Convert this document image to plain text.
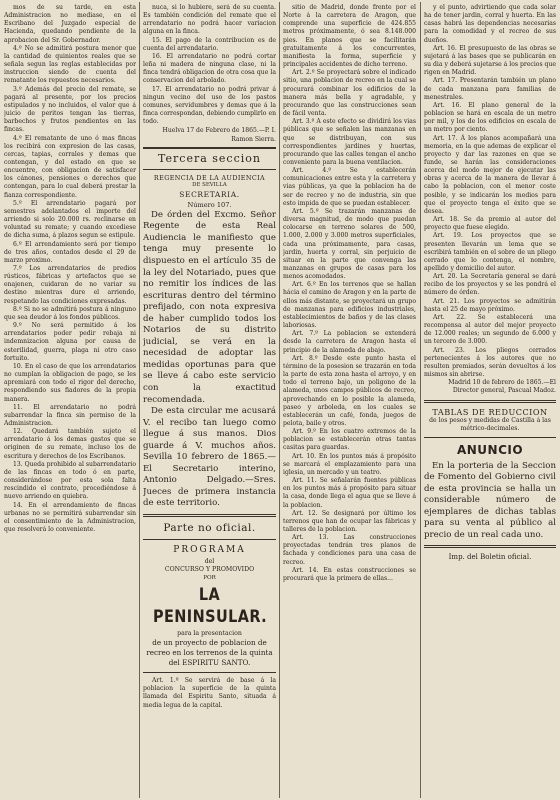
mos de su tarde, en esta Administracion no mediase, en el Escribano del Juzgado especial de Hacienda, quedando pendiente de la aprobacion del Sr. Gobernador.

4.º No se admitirá postura menor que la cantidad de quinientos reales que se señala segun las reglas establecidas por instruccion siendo de cuenta del rematante los repuestos necesarios.

3.º Además del precio del remate, se pagará al presente, por los precios estipulados y no incluidos, el valor que á juicio de peritos tengan las tierras, barbechos y frutos pendientes en las fincas.

4.º El rematante de uno ó mas fincas los recibirá con expresion de las casas, cercas, tapias, corrales y demas que contengan, y del estado en que se encuentre, con obligacion de satisfacer los cánones, pensiones o derechos que contengan, para lo cual deberá prestar la fianza correspondiente.

5.º El arrendatario pagará por semestres adelantados el importe del arriendo si solo 20.000 rs. reclinarse en voluntad su remate; y cuando excediese de dicha suma, á plazos segun se estipule.

6.º El arrendamiento será por tiempo de tres años, contados desde el 29 de marzo proximo.

7.º Los arrendatarios de predios rústicos, fábricas y artefactos que se enajenen, cuidaran de no variar su destino mientras dure el arriendo, respetando las condiciones expresadas.

8.º Si no se admitirá postura á ninguno que sea deudor á los fondos públicos.

9.º No será permitido á los arrendatarios poder pedir rebaja ni indemnizacion alguna por causa de esterilidad, guerra, plaga ni otro caso fortuito.

10. En el caso de que los arrendatarios no cumplan la obligacion de pago, se les apremiará con todo el rigor del derecho, respondiendo sus fiadores de la propia manera.

11. El arrendatario no podrá subarrendar la finca sin permiso de la Administracion.

12. Quedará también sujeto el arrendatario á los demas gastos que se originen de su remate, incluso los de escritura y derechos de los Escribanos.

13. Queda prohibido al subarrendatario de las fincas en todo ó en parte, considerándose por esta sola falta rescindido el contrato, procediéndose á nuevo arriendo en quiebra.

14. En el arrendamiento de fincas urbanas no se permitirá subarrendar sin el consentimiento de la Administracion, que resolverá lo conveniente.

nuca, si lo hubiere, será de su cuenta. Es también condición del remate que el arrendatario no podrá hacer variacion alguna en la finca.

15. El pago de la contribucion es de cuenta del arrendatario.

16. El arrendatario no podrá cortar leña ni madera de ninguna clase, ni la finca tendrá obligacion de otra cosa que la conservacion del arbolado.

17. El arrendatario no podrá privar á ningun vecino del uso de los pastos comunes, servidumbres y demas que á la finca correspondan, debiendo cumplirlo en todo.

Huelva 17 de Febrero de 1865.—P. I. Ramon Sierra.

Tercera seccion

REGENCIA DE LA AUDIENCIA

DE SEVILLA

SECRETARIA.

Número 107.

De órden del Excmo. Señor Regente de esta Real Audiencia le manifiesto que tenga muy presente lo dispuesto en el artículo 35 de la ley del Notariado, pues que no remitir los índices de las escrituras dentro del término prefijado, con nota expresiva de haber cumplido todos los Notarios de su distrito judicial, se verá en la necesidad de adoptar las medidas oportunas para que se lleve á cabo este servicio con la exactitud recomendada.

De esta circular me acusará V. el recibo tan luego como llegue á sus manos. Dios guarde á V. muchos años. Sevilla 10 febrero de 1865.—El Secretario interino, Antonio Delgado.—Sres. Jueces de primera instancia de este territorio.

Parte no oficial.

PROGRAMA

del

CONCURSO Y PROMOVIDO

POR

LA PENINSULAR.

para la presentacion

de un proyecto de poblacion de recreo en los terrenos de la quinta del ESPIRITU SANTO.

Art. 1.º Se servirá de base á la poblacion la superficie de la quinta llamada del Espiritu Santo, situada á media legua de la capital.

sitio de Madrid, donde frente por el Norte á la carretera de Aragon, que comprende una superficie de 424.855 metros próximamente, ó sea 8.148.000 pies. En planos que se facilitarán gratuitamente á los concurrentes, manifiesta la forma, superficie y principales accidentes de dicho terreno.

Art. 2.º Se proyectará sobre el indicado sitio, una poblacion de recreo en la cual se procurará combinar los edificios de la manera más bella y agradable, y procurando que las construcciones sean de fácil venta.

Art. 3.º A este efecto se dividirá los vias públicas que se señalen las manzanas en que se distribuyan, con sus correspondientes jardines y huertas, procurando que las calles tengan el ancho conveniente para la buena ventilacion.

Art. 4.º Se establecerán comunicaciones entre esta y la carretera y vias públicas, ya que la poblacion ha de ser de recreo y no de industria, sin que esto impida de que se puedan establecer.

Art. 5.º Se trazarán manzanas de diversa magnitud, de modo que puedan colocarse en terreno solares de 500, 1.000, 2.000 y 3.000 metros superficiales, cada una próximamente, para casas, jardin, huerta y corral, sin perjuicio de situar en la parte que convenga las manzanas en grupos de casas para los menos acomodados.

Art. 6.º En los terrenos que se hallan hácia el camino de Aragon y en la parte de ellos más distante, se proyectará un grupo de manzanas para edificios industriales, establecimientos de baños y de las clases laboriosas.

Art. 7.º La poblacion se extenderá desde la carretera de Aragon hasta el principio de la alameda de abajo.

Art. 8.º Desde este punto hasta el término de la posesion se trazarán en toda la parte de esta zona hasta el arroyo, y en todo el terreno bajo, un poligono de la alameda, unos campos públicos de recreo, aprovechando en lo posible la alameda, paseo y arboleda, en los cuales se establecerán un café, fonda, juegos de pelota, baile y otros.

Art. 9.º En los cuatro extremos de la poblacion se establecerán otras tantas casitas para guardas.

Art. 10. En los puntos más á propósito se marcará el emplazamiento para una iglesia, un mercado y un teatro.

Art. 11. Se señalarán fuentes públicas en los puntos más á propósito para situar la casa, donde llega el agua que se lleve á la poblacion.

Art. 12. Se designará por último los terrenos que han de ocupar las fábricas y talleres de la poblacion.

Art. 13. Las construcciones proyectadas tendrán tres planos de fachada y condiciones para una casa de recreo.

Art. 14. En estas construcciones se procurará que la primera de ellas...

y el punto, advirtiendo que cada solar ha de tener jardin, corral y huerta. En las casas habrá las dependencias necesarias para la comodidad y el recreo de sus dueños.

Art. 16. El presupuesto de las obras se sujetará á las bases que se publicarán en su dia y deberá sujetarse á los precios que rigen en Madrid.

Art. 17. Presentarán también un plano de cada manzana para familias de menestrales.

Art. 16. El plano general de la poblacion se hará en escala de un metro por mil, y los de los edificios en escala de un metro por ciento.

Art. 17. Á los planos acompañará una memoria, en la que ademas de explicar el proyecto y dar las razones en que se funde, se harán las consideraciones acerca del modo mejor de ejecutar las obras y acerca de la manera de llevar á cabo la poblacion, con el menor coste posible, y se indicarán los medios para que el proyecto tenga el éxito que se desea.

Art. 18. Se da premio al autor del proyecto que fuese elegido.

Art. 19. Los proyectos que se presenten llevarán un lema que se escribirá también en el sobre de un pliego cerrado que lo contenga, el nombre, apellido y domicilio del autor.

Art. 20. La Secretaría general se dará recibo de los proyectos y se les pondrá el número de órden.

Art. 21. Los proyectos se admitirán hasta el 25 de mayo próximo.

Art. 22. Se establecerá una recompensa al autor del mejor proyecto de 12.000 reales; un segundo de 6.000 y un tercero de 3.000.

Art. 23. Los pliegos cerrados pertenecientes á los autores que no resulten premiados, serán devueltos á los mismos sin abrirse.

Madrid 10 de febrero de 1865.—El Director general, Pascual Madoz.

TABLAS DE REDUCCION

de los pesos y medidas de Castilla á las métrico-decimales.

ANUNCIO

En la porteria de la Seccion de Fomento del Gobierno civil de esta provincia se halla un considerable número de ejemplares de dichas tablas para su venta al público al precio de un real cada uno.

Imp. del Boletin oficial.
